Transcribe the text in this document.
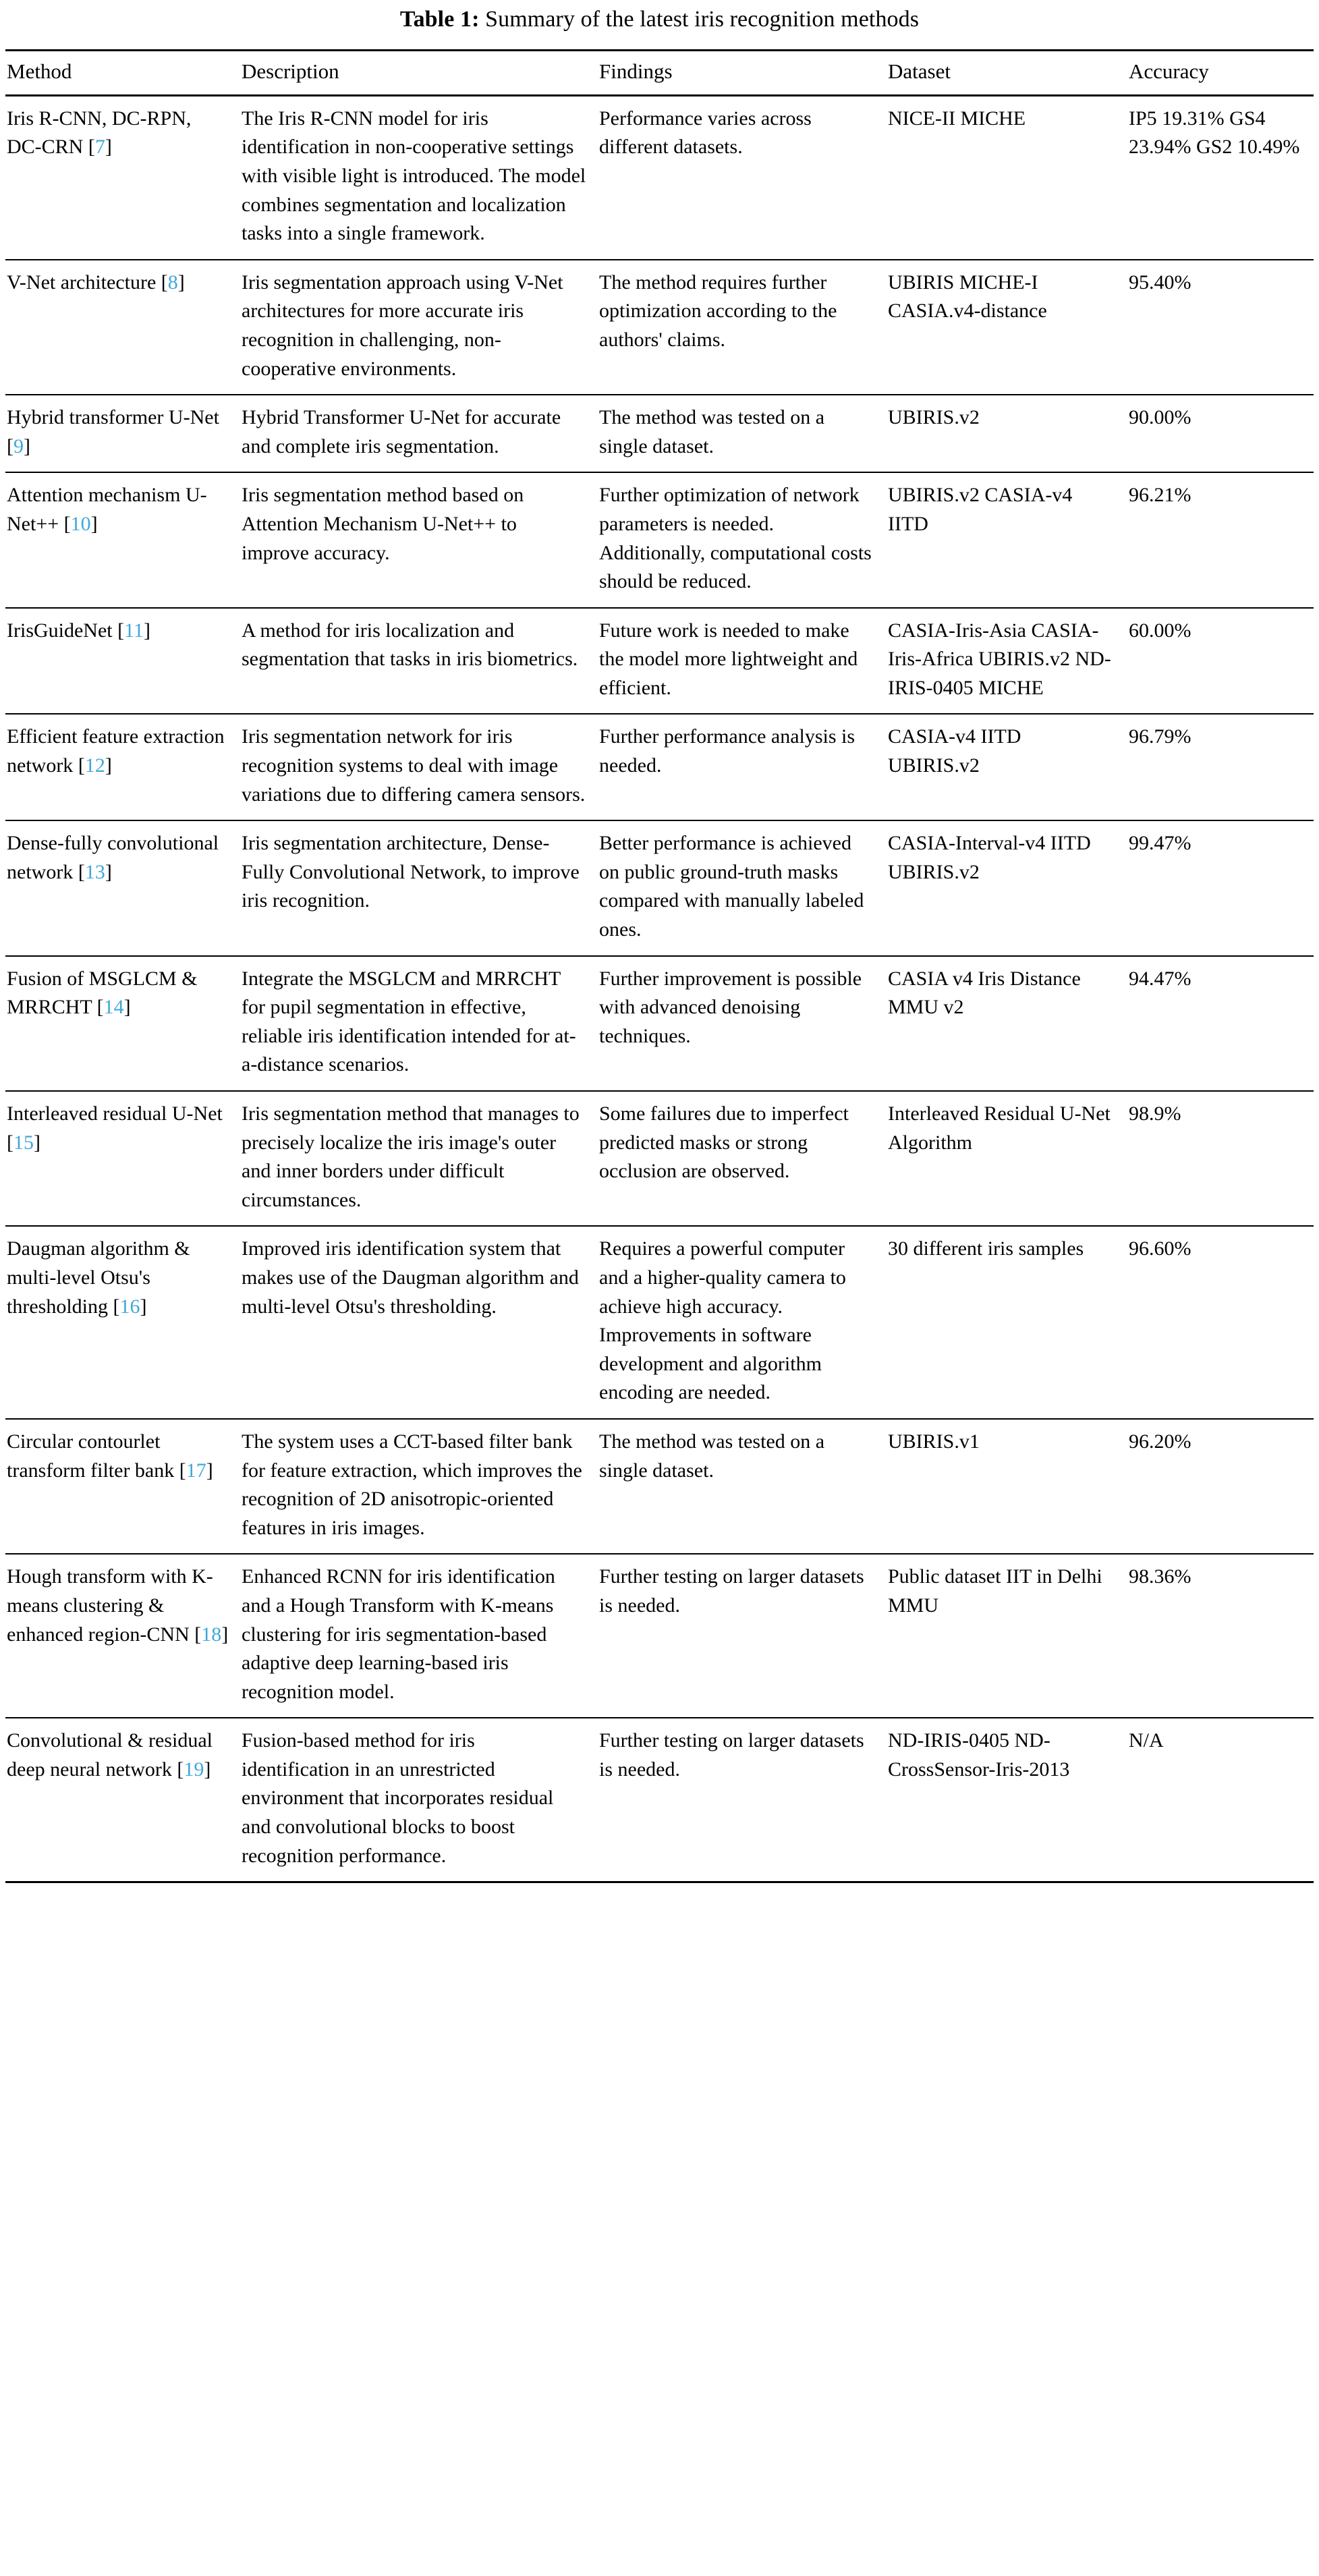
Table 1: Summary of the latest iris recognition methods
Method	Description	Findings	Dataset	Accuracy
Iris R-CNN, DC-RPN, DC-CRN [7]	The Iris R-CNN model for iris identification in non-cooperative settings with visible light is introduced. The model combines segmentation and localization tasks into a single framework.	Performance varies across different datasets.	NICE-II MICHE	IP5 19.31% GS4 23.94% GS2 10.49%
V-Net architecture [8]	Iris segmentation approach using V-Net architectures for more accurate iris recognition in challenging, non-cooperative environments.	The method requires further optimization according to the authors' claims.	UBIRIS MICHE-I CASIA.v4-distance	95.40%
Hybrid transformer U-Net [9]	Hybrid Transformer U-Net for accurate and complete iris segmentation.	The method was tested on a single dataset.	UBIRIS.v2	90.00%
Attention mechanism U-Net++ [10]	Iris segmentation method based on Attention Mechanism U-Net++ to improve accuracy.	Further optimization of network parameters is needed. Additionally, computational costs should be reduced.	UBIRIS.v2 CASIA-v4 IITD	96.21%
IrisGuideNet [11]	A method for iris localization and segmentation that tasks in iris biometrics.	Future work is needed to make the model more lightweight and efficient.	CASIA-Iris-Asia CASIA-Iris-Africa UBIRIS.v2 ND-IRIS-0405 MICHE	60.00%
Efficient feature extraction network [12]	Iris segmentation network for iris recognition systems to deal with image variations due to differing camera sensors.	Further performance analysis is needed.	CASIA-v4 IITD UBIRIS.v2	96.79%
Dense-fully convolutional network [13]	Iris segmentation architecture, Dense-Fully Convolutional Network, to improve iris recognition.	Better performance is achieved on public ground-truth masks compared with manually labeled ones.	CASIA-Interval-v4 IITD UBIRIS.v2	99.47%
Fusion of MSGLCM & MRRCHT [14]	Integrate the MSGLCM and MRRCHT for pupil segmentation in effective, reliable iris identification intended for at-a-distance scenarios.	Further improvement is possible with advanced denoising techniques.	CASIA v4 Iris Distance MMU v2	94.47%
Interleaved residual U-Net [15]	Iris segmentation method that manages to precisely localize the iris image's outer and inner borders under difficult circumstances.	Some failures due to imperfect predicted masks or strong occlusion are observed.	Interleaved Residual U-Net Algorithm	98.9%
Daugman algorithm & multi-level Otsu's thresholding [16]	Improved iris identification system that makes use of the Daugman algorithm and multi-level Otsu's thresholding.	Requires a powerful computer and a higher-quality camera to achieve high accuracy. Improvements in software development and algorithm encoding are needed.	30 different iris samples	96.60%
Circular contourlet transform filter bank [17]	The system uses a CCT-based filter bank for feature extraction, which improves the recognition of 2D anisotropic-oriented features in iris images.	The method was tested on a single dataset.	UBIRIS.v1	96.20%
Hough transform with K-means clustering & enhanced region-CNN [18]	Enhanced RCNN for iris identification and a Hough Transform with K-means clustering for iris segmentation-based adaptive deep learning-based iris recognition model.	Further testing on larger datasets is needed.	Public dataset IIT in Delhi MMU	98.36%
Convolutional & residual deep neural network [19]	Fusion-based method for iris identification in an unrestricted environment that incorporates residual and convolutional blocks to boost recognition performance.	Further testing on larger datasets is needed.	ND-IRIS-0405 ND-CrossSensor-Iris-2013	N/A
